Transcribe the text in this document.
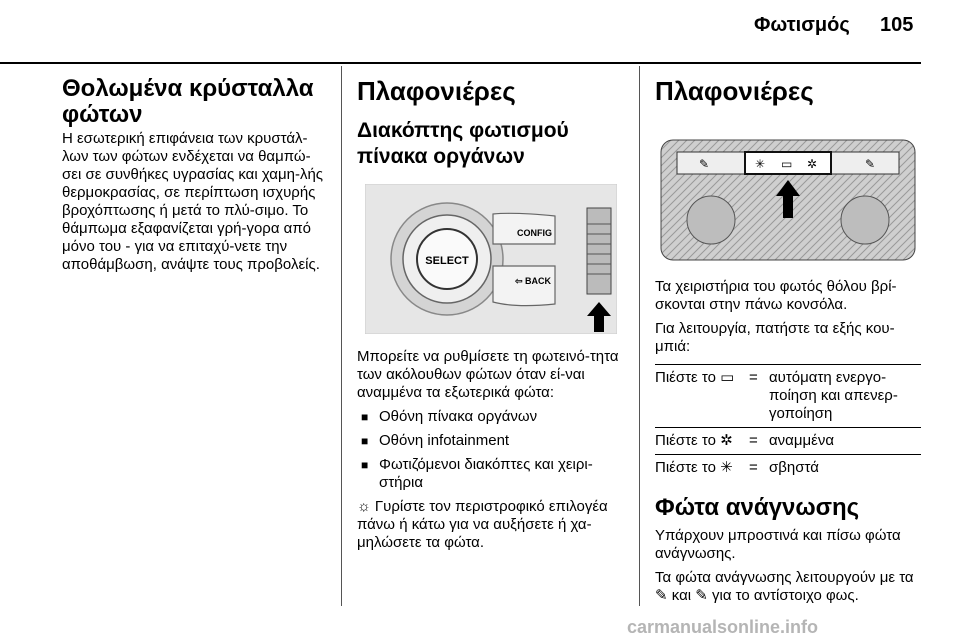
Φωτισμός 105
Θολωμένα κρύσταλλα φώτων

Η εσωτερική επιφάνεια των κρυστάλ-λων των φώτων ενδέχεται να θαμπώ-σει σε συνθήκες υγρασίας και χαμη-λής θερμοκρασίας, σε περίπτωση ισχυρής βροχόπτωσης ή μετά το πλύ-σιμο. Το θάμπωμα εξαφανίζεται γρή-γορα από μόνο του - για να επιταχύ-νετε την αποθάμβωση, ανάψτε τους προβολείς.

Πλαφονιέρες
Διακόπτης φωτισμού πίνακα οργάνων
SELECT
CONFIG
⇦ BACK

Μπορείτε να ρυθμίσετε τη φωτεινό-τητα των ακόλουθων φώτων όταν εί-ναι αναμμένα τα εξωτερικά φώτα:

■ Οθόνη πίνακα οργάνων
■ Οθόνη infotainment
■ Φωτιζόμενοι διακόπτες και χειρι-στήρια

☼ Γυρίστε τον περιστροφικό επιλογέα πάνω ή κάτω για να αυξήσετε ή χα-μηλώσετε τα φώτα.

Πλαφονιέρες
✎	✳ ▭ ✲	✎

Τα χειριστήρια του φωτός θόλου βρί-σκονται στην πάνω κονσόλα.

Για λειτουργία, πατήστε τα εξής κου-μπιά:

Πιέστε το ▭ = αυτόματη ενεργο-ποίηση και απενερ-γοποίηση
Πιέστε το ✲	= αναμμένα
Πιέστε το ✳	= σβηστά
Φώτα ανάγνωσης

Υπάρχουν μπροστινά και πίσω φώτα ανάγνωσης.

Τα φώτα ανάγνωσης λειτουργούν με τα ✎ και ✎ για το αντίστοιχο φως.

carmanualsonline.info
